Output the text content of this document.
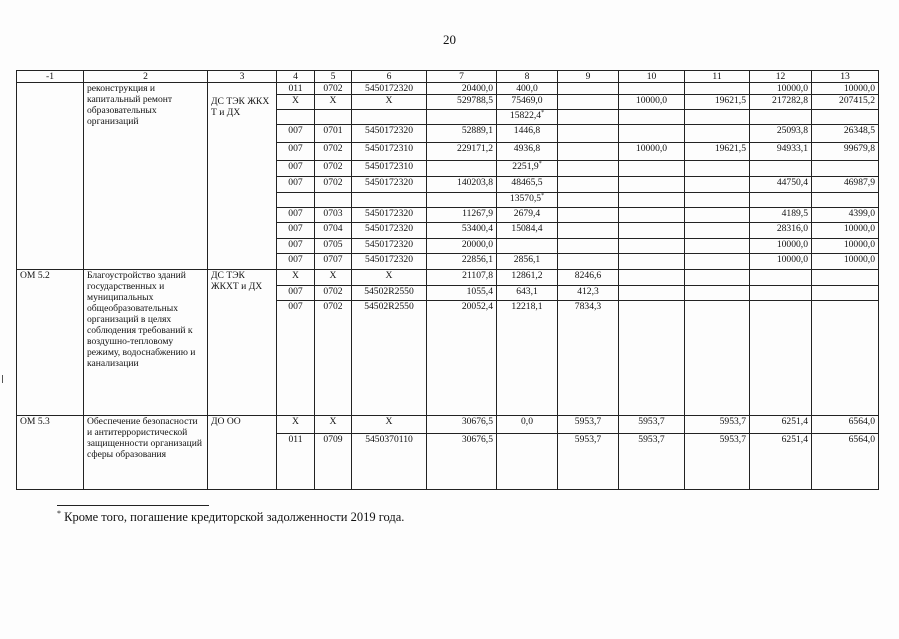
20
-1	2	3	4	5	6	7	8	9	10	11	12	13
	реконструкция и капитальный ремонт образовательных организаций	ДС ТЭК ЖКХ Т и ДХ	011	0702	5450172320	20400,0	400,0				10000,0	10000,0
			Х	Х	Х	529788,5	75469,0		10000,0	19621,5	217282,8	207415,2
							15822,4*					
			007	0701	5450172320	52889,1	1446,8				25093,8	26348,5
			007	0702	5450172310	229171,2	4936,8		10000,0	19621,5	94933,1	99679,8
			007	0702	5450172310		2251,9*					
			007	0702	5450172320	140203,8	48465,5				44750,4	46987,9
							13570,5*					
			007	0703	5450172320	11267,9	2679,4				4189,5	4399,0
			007	0704	5450172320	53400,4	15084,4				28316,0	10000,0
			007	0705	5450172320	20000,0					10000,0	10000,0
			007	0707	5450172320	22856,1	2856,1				10000,0	10000,0
ОМ 5.2	Благоустройство зданий государственных и муниципальных общеобразовательных организаций в целях соблюдения требований к воздушно-тепловому режиму, водоснабжению и канализации	ДС ТЭК ЖКХТ и ДХ	Х	Х	Х	21107,8	12861,2	8246,6				
			007	0702	54502R2550	1055,4	643,1	412,3				
			007	0702	54502R2550	20052,4	12218,1	7834,3				
ОМ 5.3	Обеспечение безопасности и антитеррористической защищенности организаций сферы образования	ДО ОО	Х	Х	Х	30676,5	0,0	5953,7	5953,7	5953,7	6251,4	6564,0
			011	0709	5450370110	30676,5		5953,7	5953,7	5953,7	6251,4	6564,0
* Кроме того, погашение кредиторской задолженности 2019 года.
